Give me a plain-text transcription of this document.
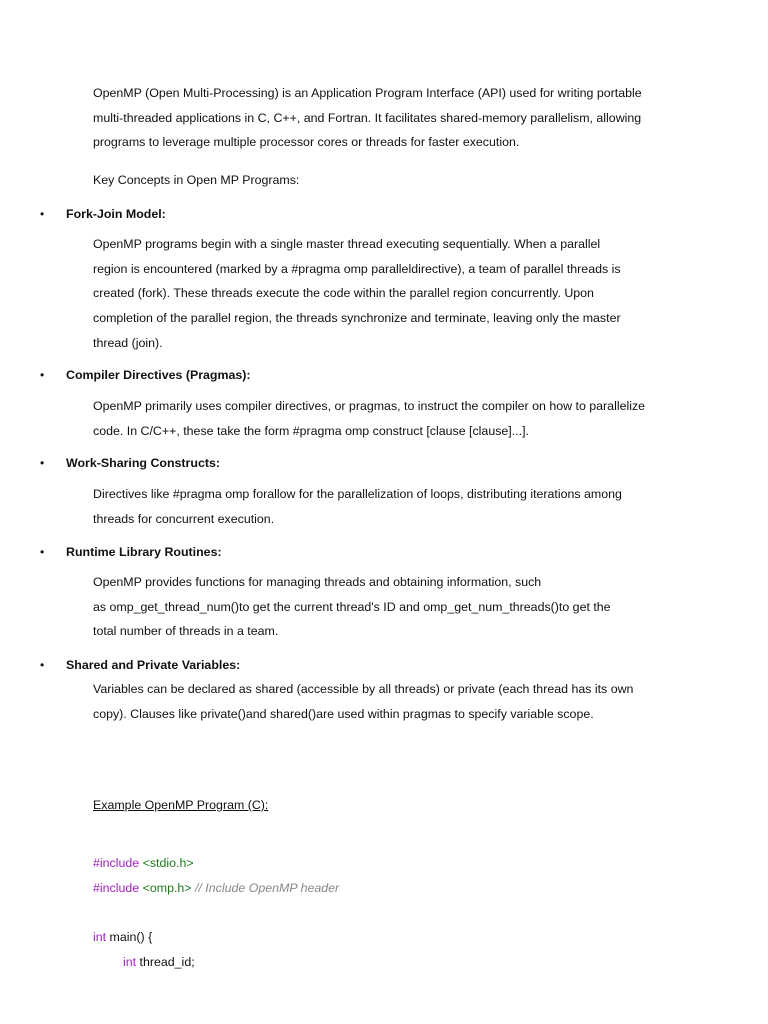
OpenMP (Open Multi-Processing) is an Application Program Interface (API) used for writing portable
multi-threaded applications in C, C++, and Fortran. It facilitates shared-memory parallelism, allowing
programs to leverage multiple processor cores or threads for faster execution.
Key Concepts in Open MP Programs:
•	Fork-Join Model:
OpenMP programs begin with a single master thread executing sequentially. When a parallel
region is encountered (marked by a #pragma omp paralleldirective), a team of parallel threads is
created (fork). These threads execute the code within the parallel region concurrently. Upon
completion of the parallel region, the threads synchronize and terminate, leaving only the master
thread (join).
•	Compiler Directives (Pragmas):
OpenMP primarily uses compiler directives, or pragmas, to instruct the compiler on how to parallelize
code. In C/C++, these take the form #pragma omp construct [clause [clause]...].
•	Work-Sharing Constructs:
Directives like #pragma omp forallow for the parallelization of loops, distributing iterations among
threads for concurrent execution.
•	Runtime Library Routines:
OpenMP provides functions for managing threads and obtaining information, such
as omp_get_thread_num()to get the current thread's ID and omp_get_num_threads()to get the
total number of threads in a team.
•	Shared and Private Variables:
Variables can be declared as shared (accessible by all threads) or private (each thread has its own
copy). Clauses like private()and shared()are used within pragmas to specify variable scope.
Example OpenMP Program (C):
#include <stdio.h>
#include <omp.h> // Include OpenMP header
int main() {
int thread_id;
